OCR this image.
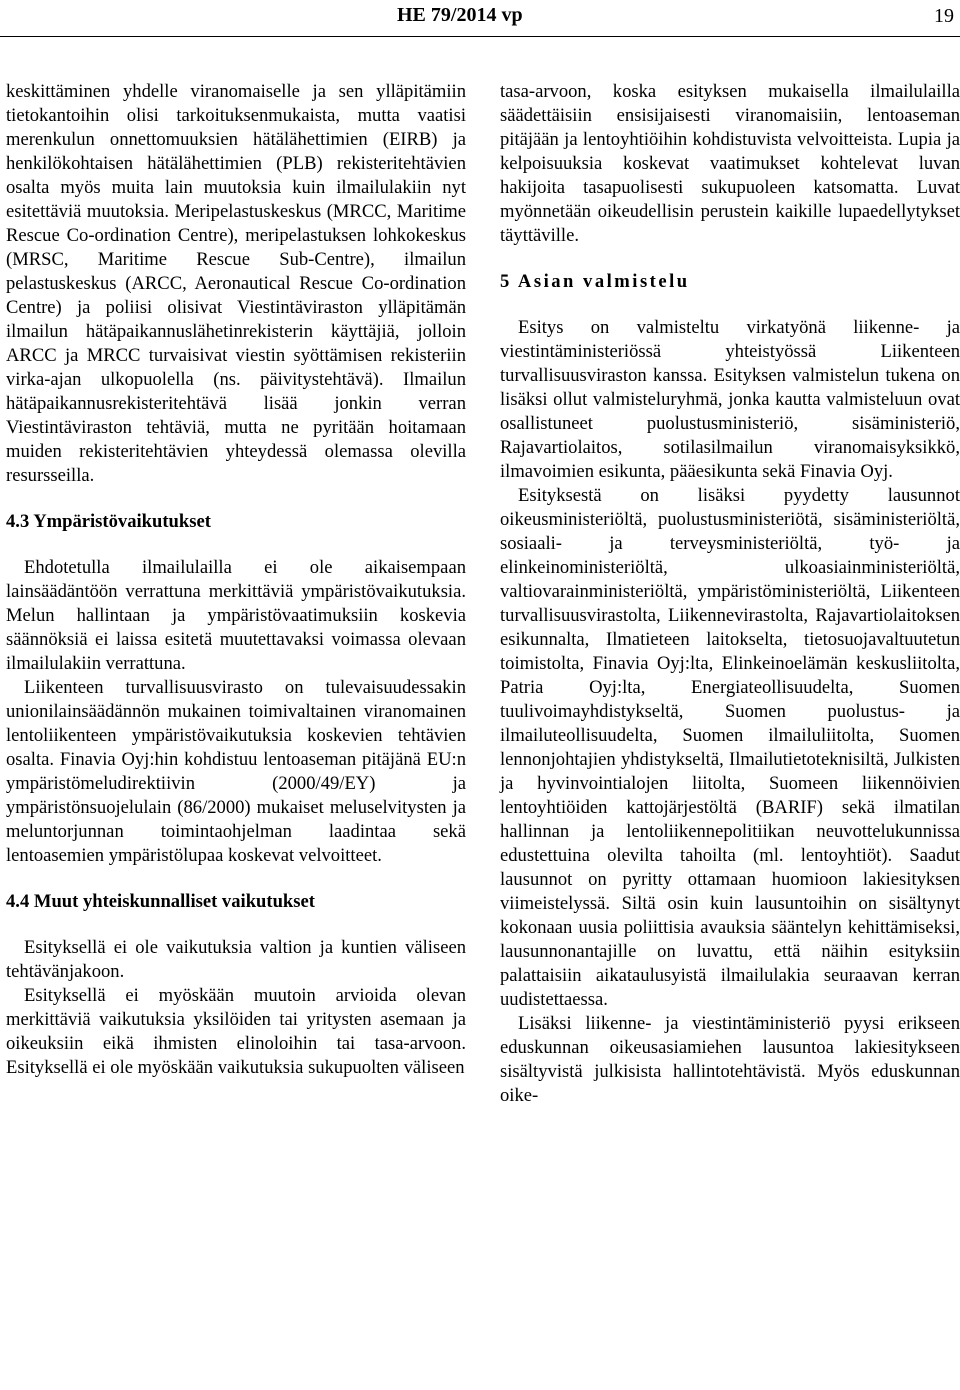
HE 79/2014 vp	19

keskittäminen yhdelle viranomaiselle ja sen ylläpitämiin tietokantoihin olisi tarkoituksenmukaista, mutta vaatisi merenkulun onnettomuuksien hätälähettimien (EIRB) ja henkilökohtaisen hätälähettimien (PLB) rekisteritehtävien osalta myös muita lain muutoksia kuin ilmailulakiin nyt esitettäviä muutoksia. Meripelastuskeskus (MRCC, Maritime Rescue Co-ordination Centre), meripelastuksen lohkokeskus (MRSC, Maritime Rescue Sub-Centre), ilmailun pelastuskeskus (ARCC, Aeronautical Rescue Co-ordination Centre) ja poliisi olisivat Viestintäviraston ylläpitämän ilmailun hätäpaikannuslähetinrekisterin käyttäjiä, jolloin ARCC ja MRCC turvaisivat viestin syöttämisen rekisteriin virka-ajan ulkopuolella (ns. päivitystehtävä). Ilmailun hätäpaikannusrekisteritehtävä lisää jonkin verran Viestintäviraston tehtäviä, mutta ne pyritään hoitamaan muiden rekisteritehtävien yhteydessä olemassa olevilla resursseilla.

4.3 Ympäristövaikutukset

Ehdotetulla ilmailulailla ei ole aikaisempaan lainsäädäntöön verrattuna merkittäviä ympäristövaikutuksia. Melun hallintaan ja ympäristövaatimuksiin koskevia säännöksiä ei laissa esitetä muutettavaksi voimassa olevaan ilmailulakiin verrattuna.

Liikenteen turvallisuusvirasto on tulevaisuudessakin unionilainsäädännön mukainen toimivaltainen viranomainen lentoliikenteen ympäristövaikutuksia koskevien tehtävien osalta. Finavia Oyj:hin kohdistuu lentoaseman pitäjänä EU:n ympäristömeludirektiivin (2000/49/EY) ja ympäristönsuojelulain (86/2000) mukaiset meluselvitysten ja meluntorjunnan toimintaohjelman laadintaa sekä lentoasemien ympäristölupaa koskevat velvoitteet.

4.4 Muut yhteiskunnalliset vaikutukset

Esityksellä ei ole vaikutuksia valtion ja kuntien väliseen tehtävänjakoon.

Esityksellä ei myöskään muutoin arvioida olevan merkittäviä vaikutuksia yksilöiden tai yritysten asemaan ja oikeuksiin eikä ihmisten elinoloihin tai tasa-arvoon. Esityksellä ei ole myöskään vaikutuksia sukupuolten väliseen

tasa-arvoon, koska esityksen mukaisella ilmailulailla säädettäisiin ensisijaisesti viranomaisiin, lentoaseman pitäjään ja lentoyhtiöihin kohdistuvista velvoitteista. Lupia ja kelpoisuuksia koskevat vaatimukset kohtelevat luvan hakijoita tasapuolisesti sukupuoleen katsomatta. Luvat myönnetään oikeudellisin perustein kaikille lupaedellytykset täyttäville.

5 Asian valmistelu

Esitys on valmisteltu virkatyönä liikenne- ja viestintäministeriössä yhteistyössä Liikenteen turvallisuusviraston kanssa. Esityksen valmistelun tukena on lisäksi ollut valmisteluryhmä, jonka kautta valmisteluun ovat osallistuneet puolustusministeriö, sisäministeriö, Rajavartiolaitos, sotilasilmailun viranomaisyksikkö, ilmavoimien esikunta, pääesikunta sekä Finavia Oyj.

Esityksestä on lisäksi pyydetty lausunnot oikeusministeriöltä, puolustusministeriötä, sisäministeriöltä, sosiaali- ja terveysministeriöltä, työ- ja elinkeinoministeriöltä, ulkoasiainministeriöltä, valtiovarainministeriöltä, ympäristöministeriöltä, Liikenteen turvallisuusvirastolta, Liikennevirastolta, Rajavartiolaitoksen esikunnalta, Ilmatieteen laitokselta, tietosuojavaltuutetun toimistolta, Finavia Oyj:lta, Elinkeinoelämän keskusliitolta, Patria Oyj:lta, Energiateollisuudelta, Suomen tuulivoimayhdistykseltä, Suomen puolustus- ja ilmailuteollisuudelta, Suomen ilmailuliitolta, Suomen lennonjohtajien yhdistykseltä, Ilmailutietoteknisiltä, Julkisten ja hyvinvointialojen liitolta, Suomeen liikennöivien lentoyhtiöiden kattojärjestöltä (BARIF) sekä ilmatilan hallinnan ja lentoliikennepolitiikan neuvottelukunnissa edustettuina olevilta tahoilta (ml. lentoyhtiöt). Saadut lausunnot on pyritty ottamaan huomioon lakiesityksen viimeistelyssä. Siltä osin kuin lausuntoihin on sisältynyt kokonaan uusia poliittisia avauksia sääntelyn kehittämiseksi, lausunnonantajille on luvattu, että näihin esityksiin palattaisiin aikataulusyistä ilmailulakia seuraavan kerran uudistettaessa.

Lisäksi liikenne- ja viestintäministeriö pyysi erikseen eduskunnan oikeusasiamiehen lausuntoa lakiesitykseen sisältyvistä julkisista hallintotehtävistä. Myös eduskunnan oike-
